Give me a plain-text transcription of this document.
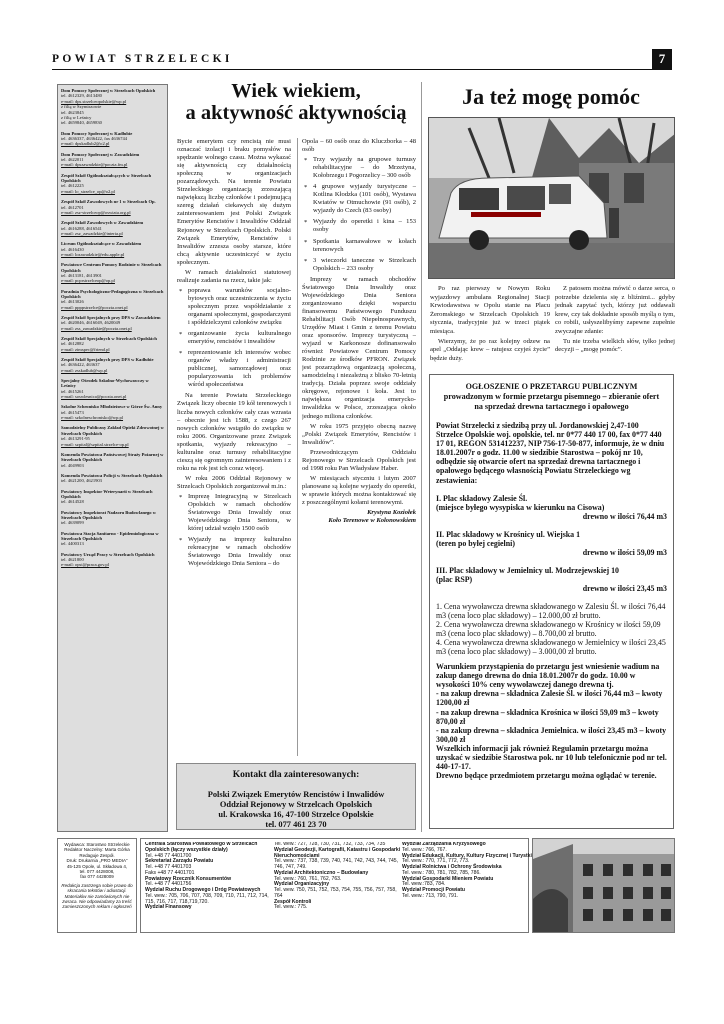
POWIAT STRZELECKI	7
Dom Pomocy Społecznej w Strzelcach Opolskich
tel. 4612329, 4613480
e-mail: dps.strzelceopolskie@wp.pl
z filią w Szymiszowie
tel. 4623845
z filią w Leśnicy
tel. 4659840, 4659830
Dom Pomocy Społecznej w Kadłubie
tel. 4636337, 4636422, fax 4636744
e-mail: dpskadlub2@o2.pl
Dom Pomocy Społecznej w Zawadzkiem
tel. 4622011
e-mail: dpszawadzkie@poczta.fm.pl
Zespół Szkół Ogólnokształcących w Strzelcach Opolskich
tel. 4612225
e-mail: lo_strzelce_op@o2.pl
Zespół Szkół Zawodowych nr 1 w Strzelcach Op.
tel. 4612701
e-mail: zsz-strzelceop@oswiata.org.pl
Zespół Szkół Zawodowych w Zawadzkiem
tel. 4616288, 4616541
e-mail: zsz_zawadzkie@interia.pl
Liceum Ogólnokształcące w Zawadzkiem
tel. 4616430
e-mail: lozawadzkie@edu.apple.pl
Powiatowe Centrum Pomocy Rodzinie w Strzelcach Opolskich
tel. 4613181, 4613901
e-mail: pcprstrzelceop@op.pl
Poradnia Psychologiczno-Pedagogiczna w Strzelcach Opolskich
tel. 4613026
e-mail: ppppstrzelce@poczta.onet.pl
Zespół Szkół Specjalnych przy DPS w Zawadzkiem
tel. 4620046, 4616049, 4620049
e-mail: zss_zawadzkie@poczta.onet.pl
Zespół Szkół Specjalnych w Strzelcach Opolskich
tel. 4612882
e-mail: zimspec@friend.pl
Zespół Szkół Specjalnych przy DPS w Kadłubie
tel. 4636422, 463637
e-mail: zsskadlub@wp.pl
Specjalny Ośrodek Szkolno-Wychowawczy w Leśnicy
tel. 4615261
e-mail: soswlesnica@poczta.onet.pl
Szkolne Schronisko Młodzieżowe w Górze Św. Anny
tel. 4615473
e-mail: szkolneschronisko@wp.pl
Samodzielny Publiczny Zakład Opieki Zdrowotnej w Strzelcach Opolskich
tel. 4613291-95
e-mail: szpital@szpital.strzelce-op.pl
Komenda Powiatowa Państwowej Straży Pożarnej w Strzelcach Opolskich
tel. 4049903
Komenda Powiatowa Policji w Strzelcach Opolskich
tel. 4621200, 4621903
Powiatowy Inspektor Weterynarii w Strzelcach Opolskich
tel. 4614528
Powiatowy Inspektorat Nadzoru Budowlanego w Strzelcach Opolskich
tel. 4639099
Powiatowa Stacja Sanitarno - Epidemiologiczna w Strzelcach Opolskich
tel. 4400313
Powiatowy Urząd Pracy w Strzelcach Opolskich
tel. 4621800
e-mail: opst@praca.gov.pl
Wiek wiekiem,
a aktywność aktywnością

Bycie emerytem czy rencistą nie musi oznaczać izolacji i braku pomysłów na spędzanie wolnego czasu. Można wykazać się aktywnością czy działalnością społeczną w organizacjach pozarządowych. Na terenie Powiatu Strzeleckiego organizacją zrzeszającą największą liczbę członków i podejmującą szereg działań ciekawych się dużym zainteresowaniem jest Polski Związek Emerytów Rencistów i Inwalidów Oddział Rejonowy w Strzelcach Opolskich. Polski Związek Emerytów, Rencistów i Inwalidów zrzesza osoby starsze, które chcą aktywnie uczestniczyć w życiu społecznym.

W ramach działalności statutowej realizuje zadania na rzecz, takie jak:

* poprawa warunków socjalno-bytowych oraz uczestniczenia w życiu społecznym przez współdziałanie z organami społecznymi, gospodarczymi i spółdzielczymi członków związku
* organizowanie życia kulturalnego emerytów, rencistów i inwalidów
* reprezentowanie ich interesów wobec organów władzy i administracji publicznej, samorządowej oraz popularyzowania ich problemów wśród społeczeństwa

Na terenie Powiatu Strzeleckiego Związek liczy obecnie 19 kół terenowych i liczba nowych członków cały czas wzrasta – obecnie jest ich 1588, z czego 267 nowych członków wstąpiło do związku w roku 2006. Organizowane przez Związek spotkania, wyjazdy rekreacyjno – kulturalne oraz turnusy rehabilitacyjne cieszą się ogromnym zainteresowaniem i z roku na rok jest ich coraz więcej.

W roku 2006 Oddział Rejonowy w Strzelcach Opolskich zorganizował m.in.:

* Imprezę Integracyjną w Strzelcach Opolskich w ramach obchodów Światowego Dnia Inwalidy oraz Wojewódzkiego Dnia Seniora, w której udział wzięło 1500 osób
* Wyjazdy na imprezy kulturalno rekreacyjne w ramach obchodów Światowego Dnia Inwalidy oraz Wojewódzkiego Dnia Seniora – do

Opola – 60 osób oraz do Kluczborka – 48 osób

* Trzy wyjazdy na grupowe turnusy rehabilitacyjne – do Mrzeżyna, Kołobrzegu i Pogorzelicy – 300 osób
* 4 grupowe wyjazdy turystyczne – Kotlina Kłodzka (101 osób), Wystawa Kwiatów w Otmuchowie (91 osób), 2 wyjazdy do Czech (83 osoby)
* Wyjazdy do operetki i kina – 153 osoby
* Spotkania karnawałowe w kołach terenowych
* 3 wieczorki taneczne w Strzelcach Opolskich – 233 osoby

Imprezy w ramach obchodów Światowego Dnia Inwalidy oraz Wojewódzkiego Dnia Seniora zorganizowano dzięki wsparciu finansowemu Państwowego Funduszu Rehabilitacji Osób Niepełnosprawnych, Urzędów Miast i Gmin z terenu Powiatu oraz sponsorów. Imprezy turystyczną – wyjazd w Karkonosze dofinansowało również Powiatowe Centrum Pomocy Rodzinie ze środków PFRON. Związek jest pozarządową organizacją społeczną, samodzielną i niezależną z blisko 70-letnią tradycją. Działa poprzez swoje oddziały okręgowe, rejonowe i koła. Jest to największa organizacja emerycko-inwalidzka w Polsce, zrzeszająca około jednego miliona członków.

W roku 1975 przyjęto obecną nazwę „Polski Związek Emerytów, Rencistów i Inwalidów”.

Przewodniczącym Oddziału Rejonowego w Strzelcach Opolskich jest od 1998 roku Pan Władysław Haber.

W miesiącach styczniu i lutym 2007 planowane są kolejne wyjazdy do operetki, w sprawie których można kontaktować się z poszczególnymi kołami terenowymi.

Krystyna Koziołek
Koło Terenowe w Kolonowskiem
Kontakt dla zainteresowanych:
Polski Związek Emerytów Rencistów i Inwalidów
Oddział Rejonowy w Strzelcach Opolskich
ul. Krakowska 16, 47-100 Strzelce Opolskie
tel. 077 461 23 70
Ja też mogę pomóc

Po raz pierwszy w Nowym Roku wyjazdowy ambulans Regionalnej Stacji Krwiodawstwa w Opolu stanie na Placu Żeromskiego w Strzelcach Opolskich 19 stycznia, tradycyjnie już w trzeci piątek miesiąca.

Wierzymy, że po raz kolejny odzew na apel „Oddając krew – ratujesz czyjeś życie” będzie duży.

Z patosem można mówić o darze serca, o potrzebie dzielenia się z bliźnimi... gdyby jednak zapytać tych, którzy już oddawali krew, czy tak dokładnie sposób myślą o tym, co robili, usłyszelibyśmy zapewne zupełnie zwyczajne zdanie:

Tu nie trzeba wielkich słów, tylko jednej decyzji – „mogę pomóc”.

OGŁOSZENIE O PRZETARGU PUBLICZNYM
prowadzonym w formie przetargu pisemnego – zbieranie ofert
na sprzedaż drewna tartacznego i opałowego

Powiat Strzelecki z siedzibą przy ul. Jordanowskiej 2,47-100 Strzelce Opolskie woj. opolskie, tel. nr 0*77 440 17 00, fax 0*77 440 17 01, REGON 531412237, NIP 756-17-50-877, informuje, że w dniu 18.01.2007r o godz. 11.00 w siedzibie Starostwa – pokój nr 10, odbędzie się otwarcie ofert na sprzedaż drewna tartacznego i opałowego będącego własnością Powiatu Strzeleckiego wg zestawienia:

I. Plac składowy Zalesie Śl.
(miejsce byłego wysypiska w kierunku na Cisowa)
drewno w ilości 76,44 m3
II. Plac składowy w Krośnicy ul. Wiejska 1
(teren po byłej cegielni)
drewno w ilości 59,09 m3
III. Plac składowy w Jemielnicy ul. Modrzejewskiej 10
(plac RSP)
drewno w ilości 23,45 m3
1. Cena wywoławcza drewna składowanego w Zalesiu Śl. w ilości 76,44 m3 (cena loco plac składowy) – 12.000,00 zł brutto.
2. Cena wywoławcza drewna składowanego w Krośnicy w ilości 59,09 m3 (cena loco plac składowy) – 8.700,00 zł brutto.
4. Cena wywoławcza drewna składowanego w Jemielnicy w ilości 23,45 m3 (cena loco plac składowy) – 3.000,00 zł brutto.

Warunkiem przystąpienia do przetargu jest wniesienie wadium na zakup danego drewna do dnia 18.01.2007r do godz. 10.00 w wysokości 10% ceny wywoławczej danego drewna tj.

- na zakup drewna – składnica Zalesie Śl. w ilości 76,44 m3 – kwoty 1200,00 zł
- na zakup drewna – składnica Krośnica w ilości 59,09 m3 – kwoty 870,00 zł
- na zakup drewna – składnica Jemielnica. w ilości 23,45 m3 – kwoty 300,00 zł
Wszelkich informacji jak również Regulamin przetargu można uzyskać w siedzibie Starostwa pok. nr 10 lub telefonicznie pod nr tel. 440-17-17.
Drewno będące przedmiotem przetargu można oglądać w terenie.
Wydawca: Starostwo Strzeleckie
Redaktor Naczelny: Marta Górka
Redaguje Zespół.
Druk: Drukarnia „PRO MEDIA”
45-125 Opole, ul. Składowa 4,
tel. 077 4428008,
fax 077 4428009
Redakcja zastrzega sobie prawo do skracania tekstów i adiustacji. Materiałów nie zamówionych nie zwraca. Nie odpowiadamy za treść zamieszczonych reklam i ogłoszeń
Centrala Starostwa Powiatowego w Strzelcach Opolskich (łączy wszystkie działy)
Tel. +48 77 4401700
Sekretariat Zarządu Powiatu
Tel. +48 77 4401703
Faks +48 77 4401701
Powiatowy Rzecznik Konsumentów
Tel. +48 77 4401756
Wydział Ruchu Drogowego i Dróg Powiatowych
Tel. wew.: 705, 706, 707, 708, 709, 710, 711, 712, 714, 715, 716, 717, 718,719,720.
Wydział Finansowy
Tel. wew.: 727, 728, 730, 731, 732, 733, 734, 735
Wydział Geodezji, Kartografii, Katastru i Gospodarki Nieruchomościami
Tel. wew.: 737, 738, 739, 740, 741, 742, 743, 744, 745, 746, 747, 749.
Wydział Architektoniczno – Budowlany
Tel. wew.: 760, 761, 762, 763.
Wydział Organizacyjny
Tel. wew. 750, 751, 752, 753, 754, 755, 756, 757, 758, 764
Zespół Kontroli
Tel. wew.: 775.
Wydział Zarządzania Kryzysowego
Tel. wew.: 766, 767.
Wydział Edukacji, Kultury, Kultury Fizycznej i Turystki
Tel. wew.: 770, 771, 772, 773.
Wydział Rolnictwa i Ochrony Środowiska
Tel. wew.: 780, 781, 782, 785, 786.
Wydział Gospodarki Mieniem Powiatu
Tel. wew.:783, 784.
Wydział Promocji Powiatu
Tel. wew.: 713, 790, 791.
